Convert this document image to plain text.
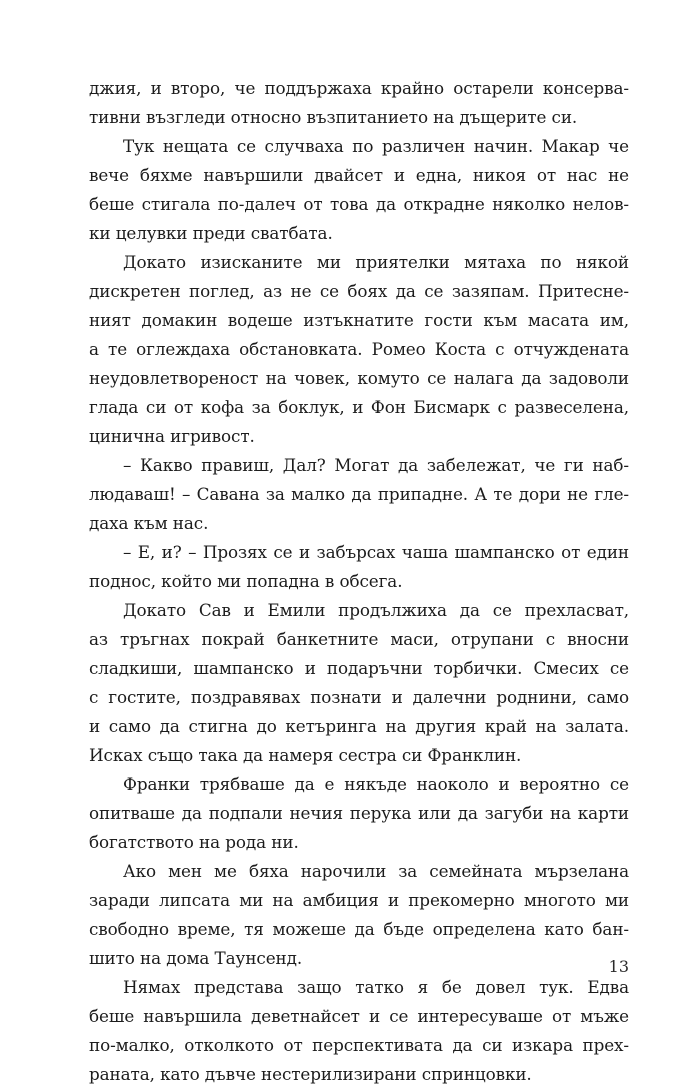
джия, и второ, че поддържаха крайно остарели консерва-
тивни възгледи относно възпитанието на дъщерите си.
Тук нещата се случваха по различен начин. Макар че
вече бяхме навършили двайсет и една, никоя от нас не
беше стигала по-далеч от това да открадне няколко нелов-
ки целувки преди сватбата.
Докато изисканите ми приятелки мятаха по някой
дискретен поглед, аз не се боях да се зазяпам. Притесне-
ният домакин водеше изтъкнатите гости към масата им,
а те оглеждаха обстановката. Ромео Коста с отчуждената
неудовлетвореност на човек, комуто се налага да задоволи
глада си от кофа за боклук, и Фон Бисмарк с развеселена,
цинична игривост.
– Какво правиш, Дал? Могат да забележат, че ги наб-
людаваш! – Савана за малко да припадне. А те дори не гле-
даха към нас.
– Е, и? – Прозях се и забърсах чаша шампанско от един
поднос, който ми попадна в обсега.
Докато Сав и Емили продължиха да се прехласват,
аз тръгнах покрай банкетните маси, отрупани с вносни
сладкиши, шампанско и подаръчни торбички. Смесих се
с гостите, поздравявах познати и далечни роднини, само
и само да стигна до кетъринга на другия край на залата.
Исках също така да намеря сестра си Франклин.
Франки трябваше да е някъде наоколо и вероятно се
опитваше да подпали нечия перука или да загуби на карти
богатството на рода ни.
Ако мен ме бяха нарочили за семейната мързелана
заради липсата ми на амбиция и прекомерно многото ми
свободно време, тя можеше да бъде определена като бан-
шито на дома Таунсенд.
Нямах представа защо татко я бе довел тук. Едва
беше навършила деветнайсет и се интересуваше от мъже
по-малко, отколкото от перспективата да си изкара прех-
раната, като дъвче нестерилизирани спринцовки.
13
